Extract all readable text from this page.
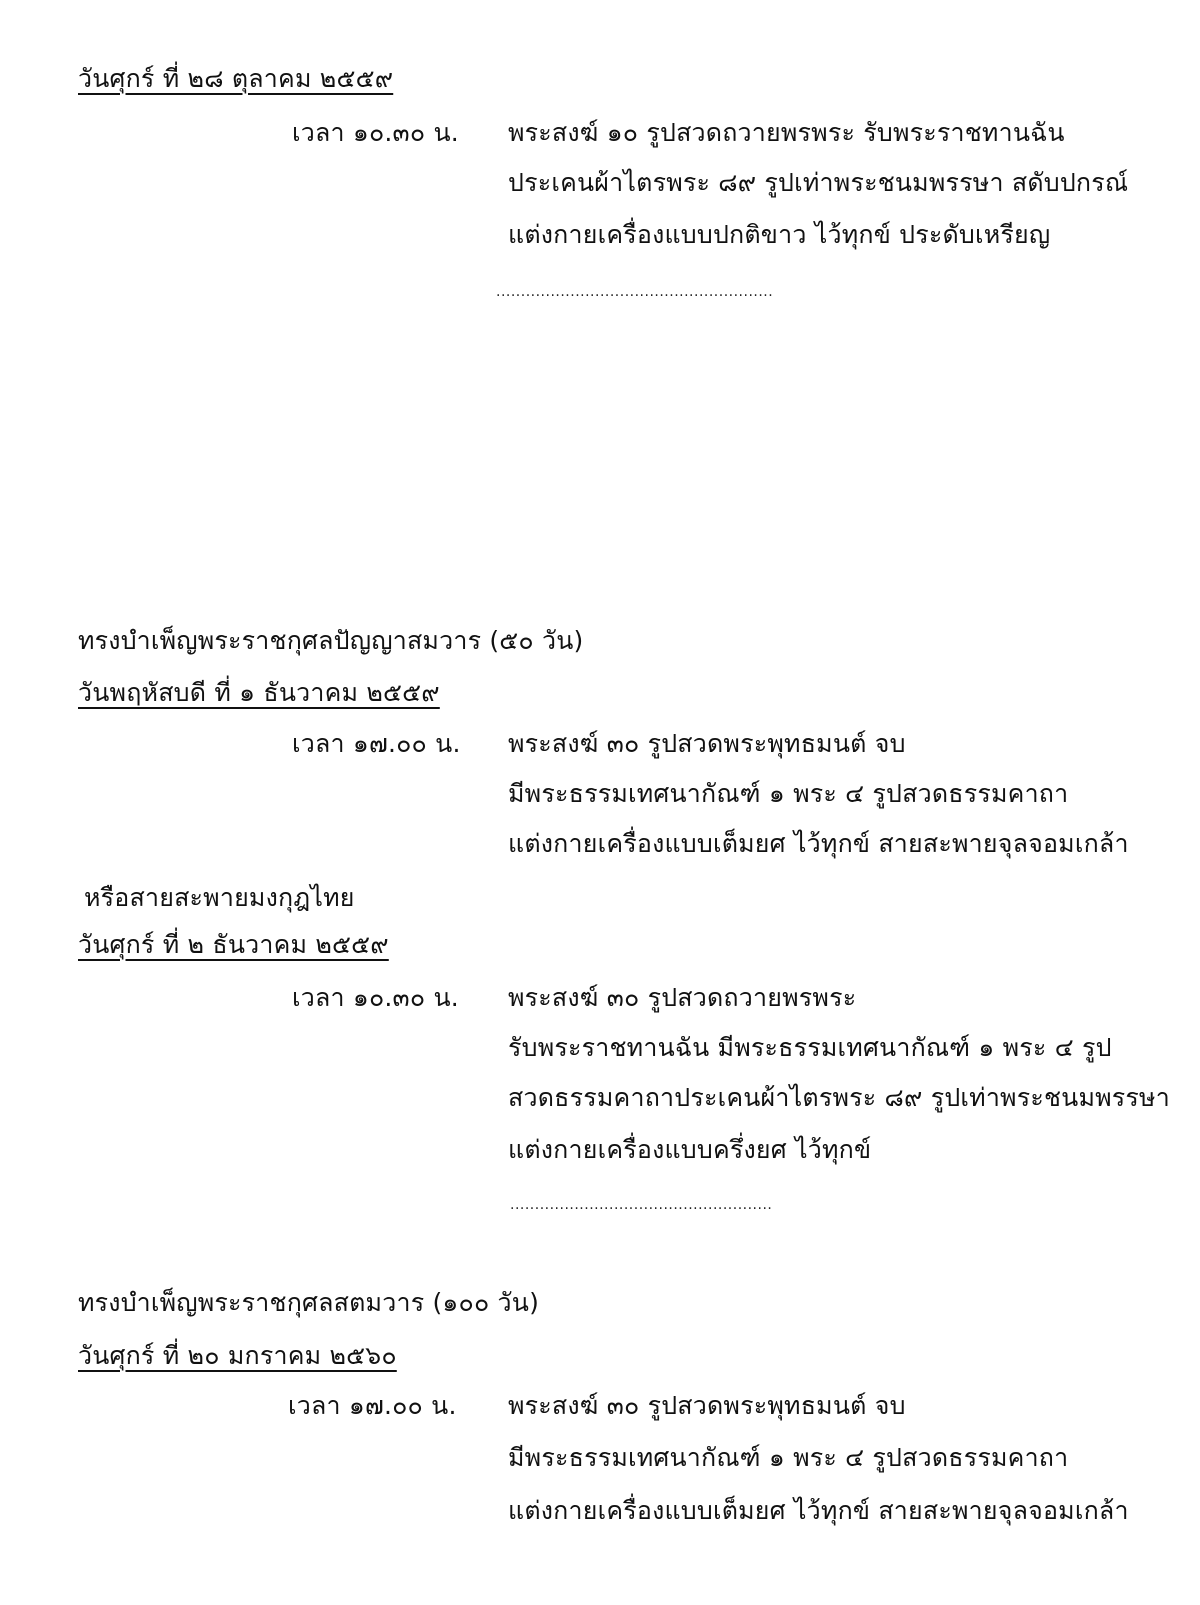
วันศุกร์ ที่ ๒๘ ตุลาคม ๒๕๕๙
เวลา ๑๐.๓๐ น. พระสงฆ์ ๑๐ รูปสวดถวายพรพระ รับพระราชทานฉัน
ประเคนผ้าไตรพระ ๘๙ รูปเท่าพระชนมพรรษา สดับปกรณ์
แต่งกายเครื่องแบบปกติขาว ไว้ทุกข์ ประดับเหรียญ
........................................................
ทรงบำเพ็ญพระราชกุศลปัญญาสมวาร (๕๐ วัน)
วันพฤหัสบดี ที่ ๑ ธันวาคม ๒๕๕๙
เวลา ๑๗.๐๐ น. พระสงฆ์ ๓๐ รูปสวดพระพุทธมนต์ จบ
มีพระธรรมเทศนากัณฑ์ ๑ พระ ๔ รูปสวดธรรมคาถา
แต่งกายเครื่องแบบเต็มยศ ไว้ทุกข์ สายสะพายจุลจอมเกล้า
หรือสายสะพายมงกุฎไทย
วันศุกร์ ที่ ๒ ธันวาคม ๒๕๕๙
เวลา ๑๐.๓๐ น. พระสงฆ์ ๓๐ รูปสวดถวายพรพระ
รับพระราชทานฉัน มีพระธรรมเทศนากัณฑ์ ๑ พระ ๔ รูป
สวดธรรมคาถาประเคนผ้าไตรพระ ๘๙ รูปเท่าพระชนมพรรษา
แต่งกายเครื่องแบบครึ่งยศ ไว้ทุกข์
.....................................................
ทรงบำเพ็ญพระราชกุศลสตมวาร (๑๐๐ วัน)
วันศุกร์ ที่ ๒๐ มกราคม ๒๕๖๐
เวลา ๑๗.๐๐ น. พระสงฆ์ ๓๐ รูปสวดพระพุทธมนต์ จบ
มีพระธรรมเทศนากัณฑ์ ๑ พระ ๔ รูปสวดธรรมคาถา
แต่งกายเครื่องแบบเต็มยศ ไว้ทุกข์ สายสะพายจุลจอมเกล้า
